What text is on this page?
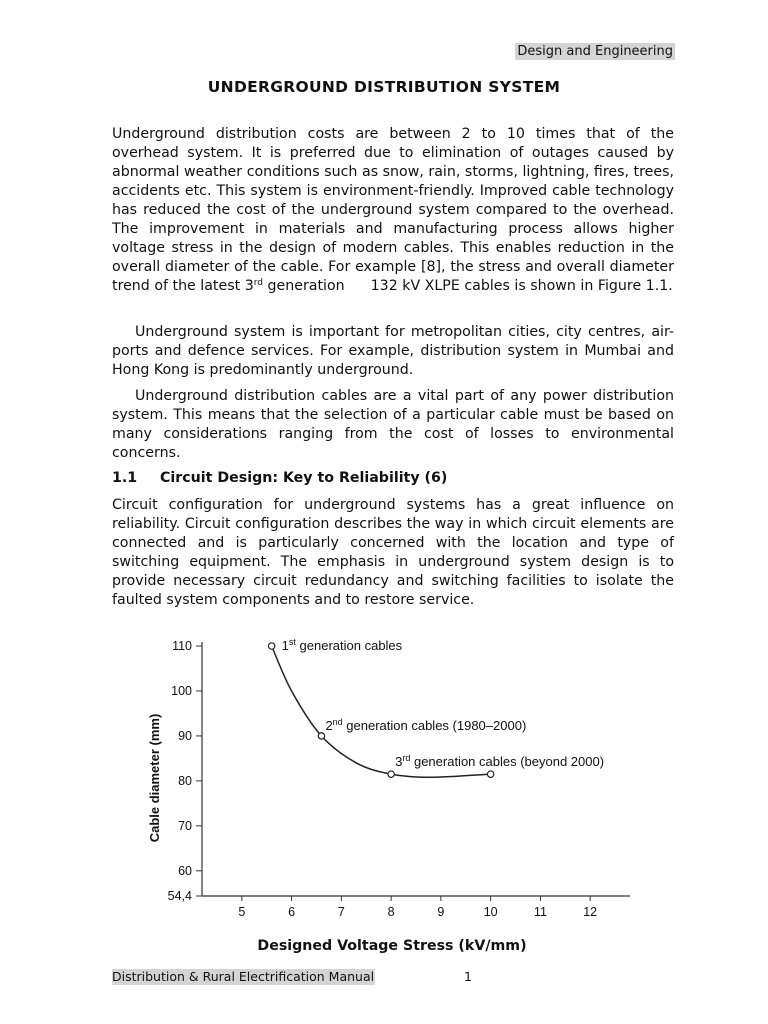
Design and Engineering
UNDERGROUND DISTRIBUTION SYSTEM

Underground distribution costs are between 2 to 10 times that of the overhead system. It is preferred due to elimination of outages caused by abnormal weather conditions such as snow, rain, storms, lightning, fires, trees, accidents etc. This system is environment-friendly. Improved cable technology has reduced the cost of the underground system compared to the overhead. The improvement in materials and manufacturing process allows higher voltage stress in the design of modern cables. This enables reduction in the overall diameter of the cable. For example [8], the stress and overall diameter trend of the latest 3rd generation 132 kV XLPE cables is shown in Figure 1.1.

Underground system is important for metropolitan cities, city centres, air-ports and defence services. For example, distribution system in Mumbai and Hong Kong is predominantly underground.

Underground distribution cables are a vital part of any power distribution system. This means that the selection of a particular cable must be based on many considerations ranging from the cost of losses to environmental concerns.

1.1 Circuit Design: Key to Reliability (6)

Circuit configuration for underground systems has a great influence on reliability. Circuit configuration describes the way in which circuit elements are connected and is particularly concerned with the location and type of switching equipment. The emphasis in underground system design is to provide necessary circuit redundancy and switching facilities to isolate the faulted system components and to restore service.

54,4
60
70
80
90
100
110
5	6	7	8	9	10	11	12
1st generation cables
2nd generation cables (1980–2000)
3rd generation cables (beyond 2000)
Cable diameter (mm)
Designed Voltage Stress (kV/mm)
Distribution & Rural Electrification Manual	1
